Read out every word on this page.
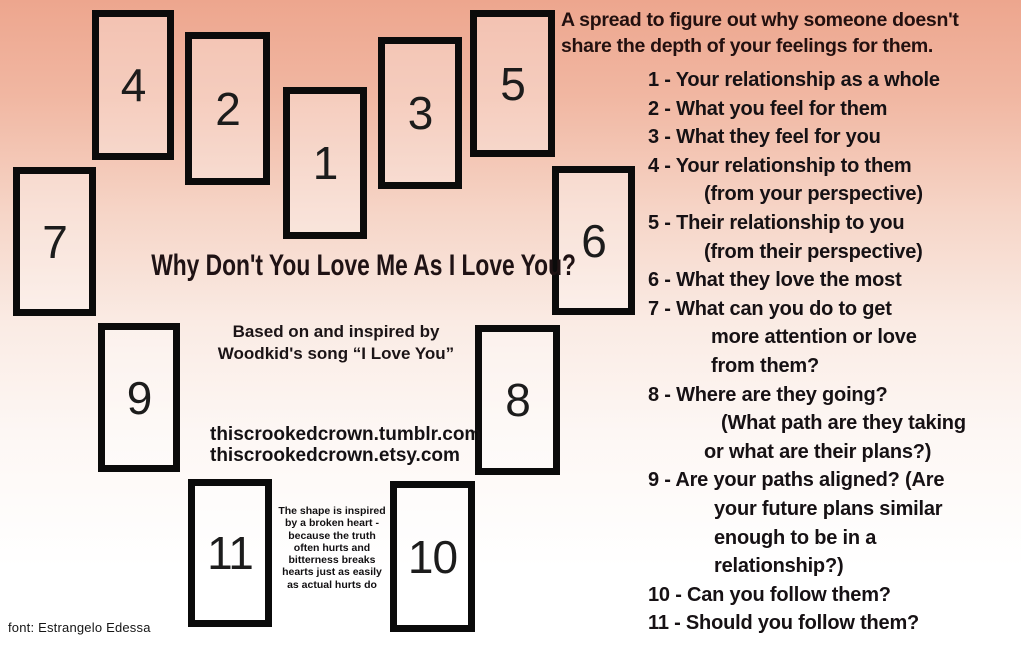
4 2
1
3
5
7	6
9	8
11	10
Why Don't You Love Me As I Love You?
Based on and inspired by
Woodkid's song “I Love You”
thiscrookedcrown.tumblr.com
thiscrookedcrown.etsy.com
The shape is inspired
by a broken heart -
because the truth
often hurts and
bitterness breaks
hearts just as easily
as actual hurts do
font: Estrangelo Edessa
A spread to figure out why someone doesn't
share the depth of your feelings for them.
1 - Your relationship as a whole
2 - What you feel for them
3 - What they feel for you
4 - Your relationship to them
(from your perspective)
5 - Their relationship to you
(from their perspective)
6 - What they love the most
7 - What can you do to get
more attention or love
from them?
8 - Where are they going?
(What path are they taking
or what are their plans?)
9 - Are your paths aligned? (Are
your future plans similar
enough to be in a
relationship?)
10 - Can you follow them?
11 - Should you follow them?
